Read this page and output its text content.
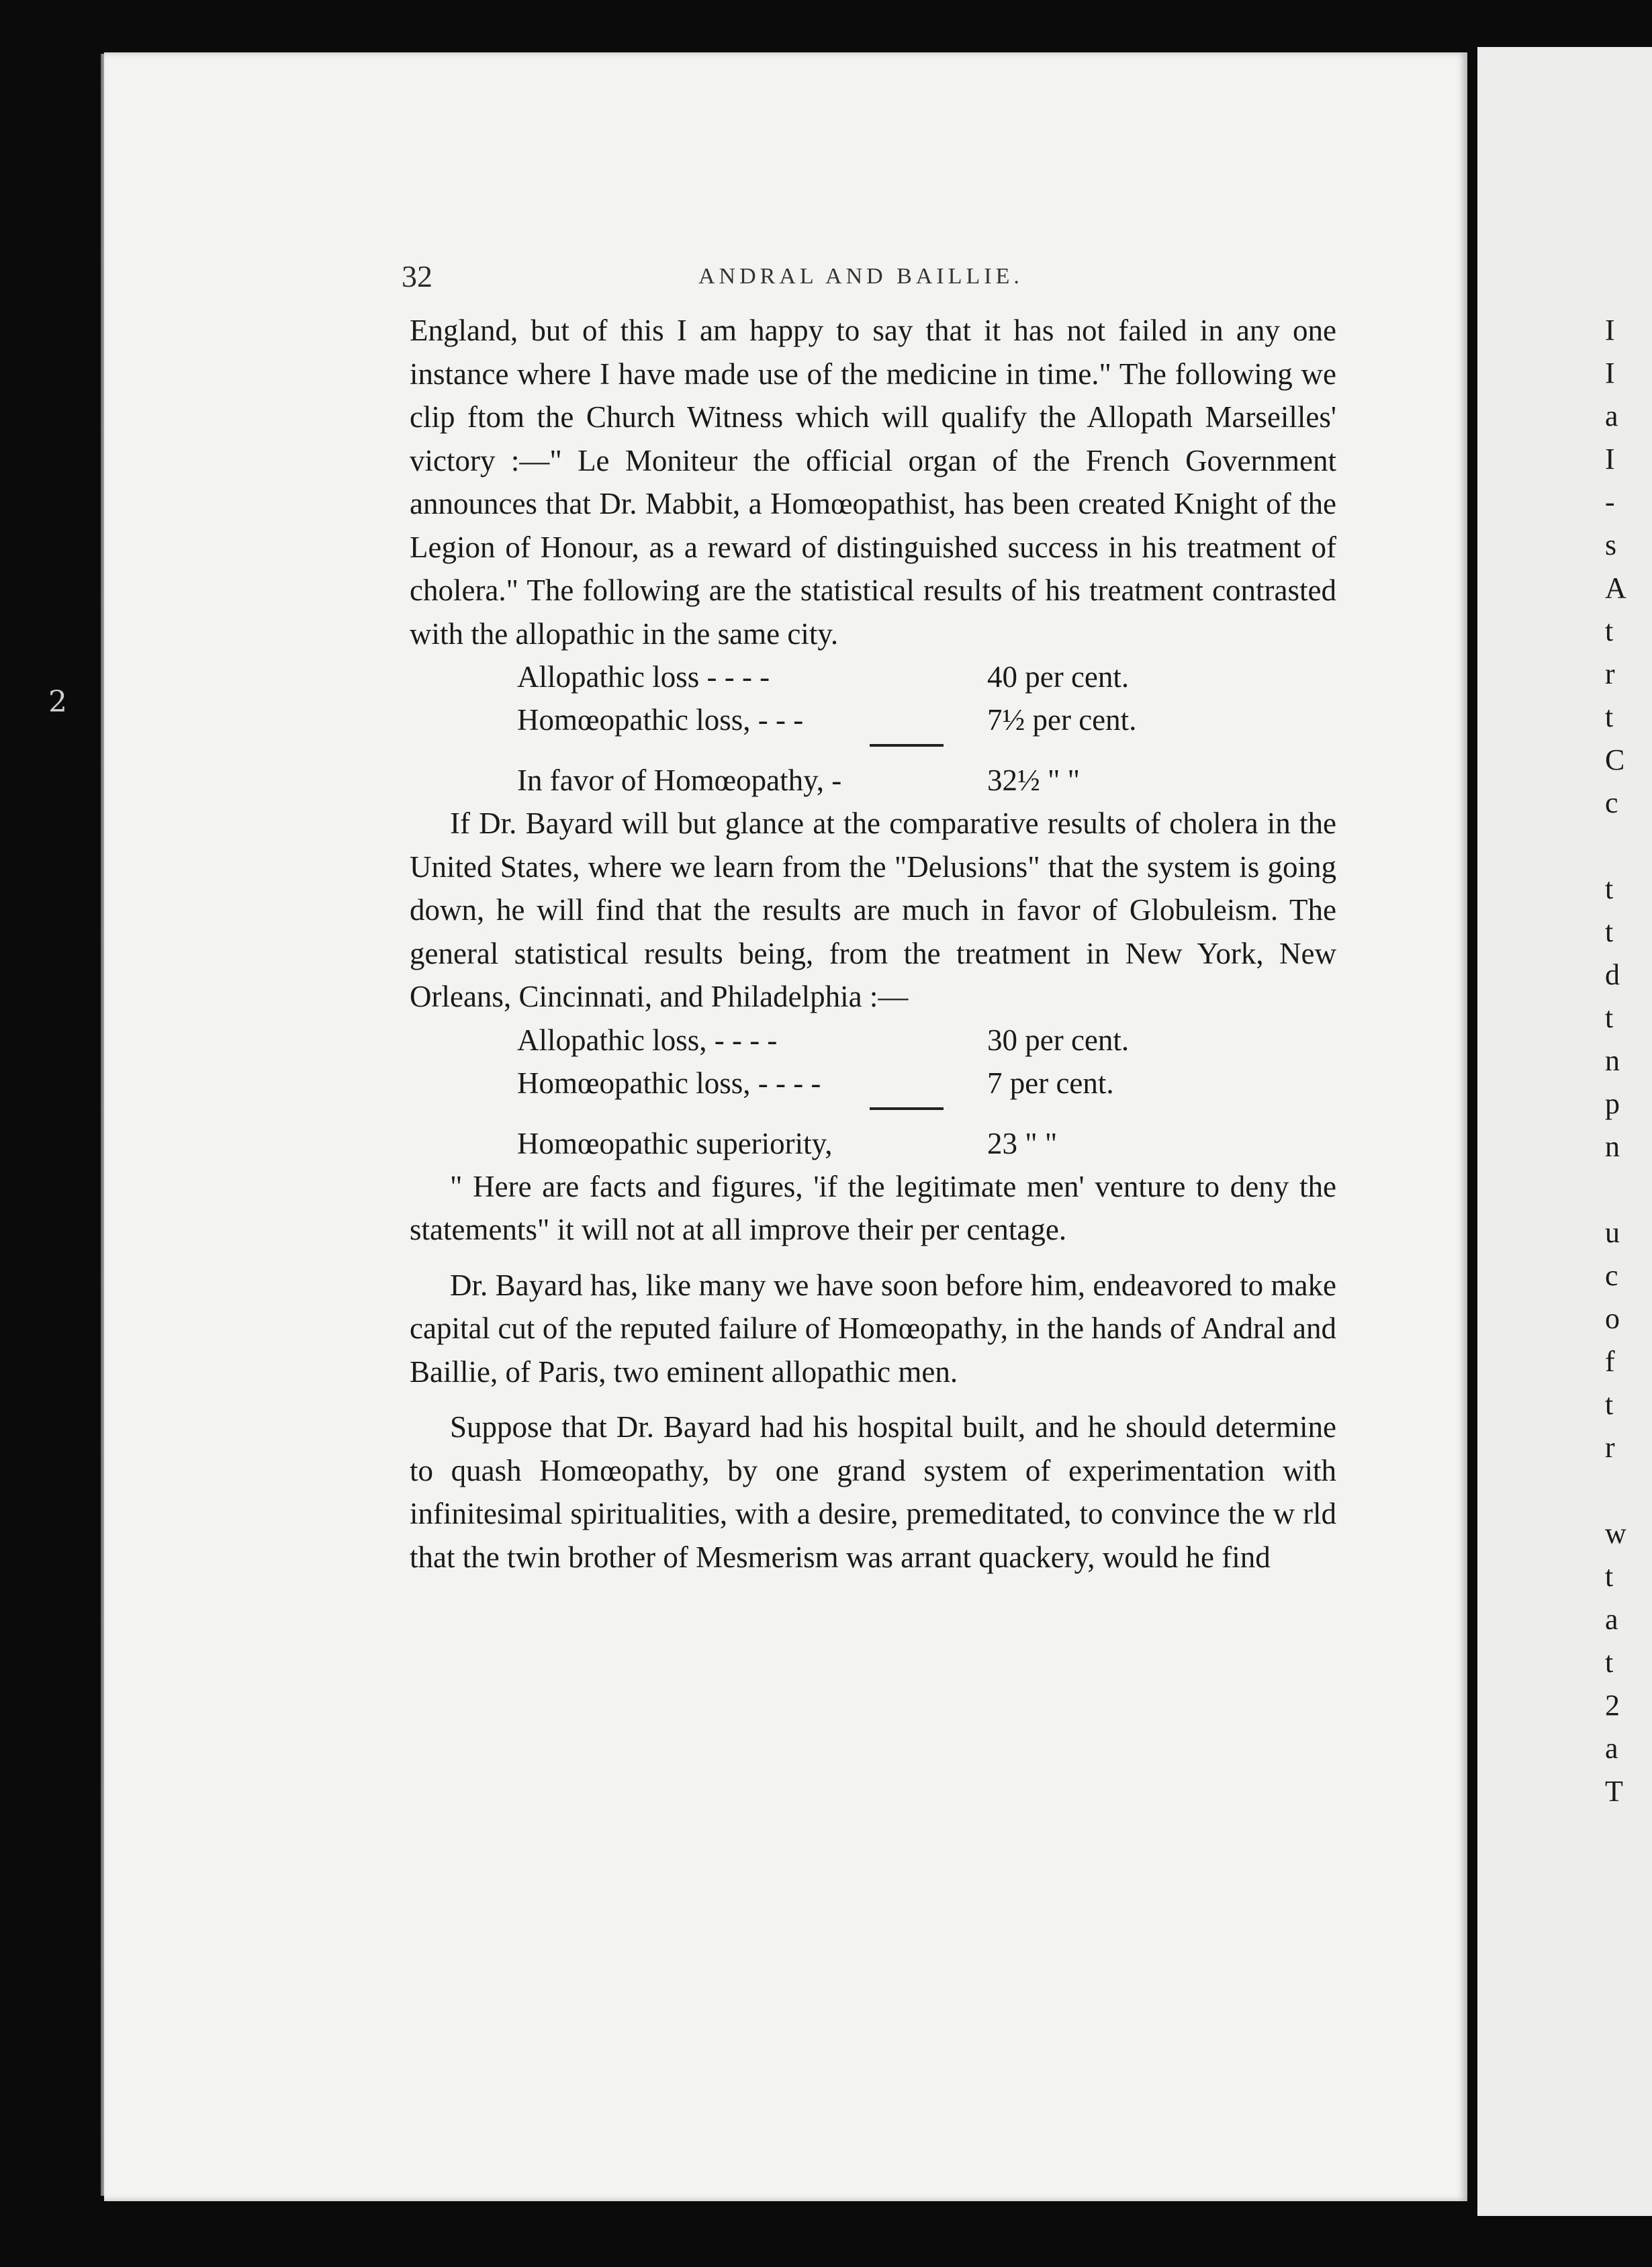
2
32	ANDRAL AND BAILLIE.

England, but of this I am happy to say that it has not failed in any one instance where I have made use of the medicine in time." The following we clip ftom the Church Witness which will qualify the Allopath Marseilles' victory :—" Le Moniteur the official organ of the French Government announces that Dr. Mabbit, a Homœopathist, has been created Knight of the Legion of Honour, as a reward of distinguished success in his treatment of cholera." The following are the statistical results of his treatment contrasted with the allopathic in the same city.

Allopathic loss - - - -	40 per cent.
Homœopathic loss, - - -	7½ per cent.
In favor of Homœopathy, -	32½ " "

If Dr. Bayard will but glance at the comparative results of cholera in the United States, where we learn from the "Delusions" that the system is going down, he will find that the results are much in favor of Globuleism. The general statistical results being, from the treatment in New York, New Orleans, Cincinnati, and Philadelphia :—

Allopathic loss, - - - -	30 per cent.
Homœopathic loss, - - - -	7 per cent.
Homœopathic superiority,	23 " "

" Here are facts and figures, 'if the legitimate men' venture to deny the statements" it will not at all improve their per centage.

Dr. Bayard has, like many we have soon before him, endeavored to make capital cut of the reputed failure of Homœopathy, in the hands of Andral and Baillie, of Paris, two eminent allopathic men.

Suppose that Dr. Bayard had his hospital built, and he should determine to quash Homœopathy, by one grand system of experimentation with infinitesimal spiritualities, with a desire, premeditated, to convince the w rld that the twin brother of Mesmerism was arrant quackery, would he find

I
I
a
I
-
s
A
t
r
t
C
c

t
t
d
t
n
p
n

u
c
o
f
t
r

w
t
a
t
2
a
T
